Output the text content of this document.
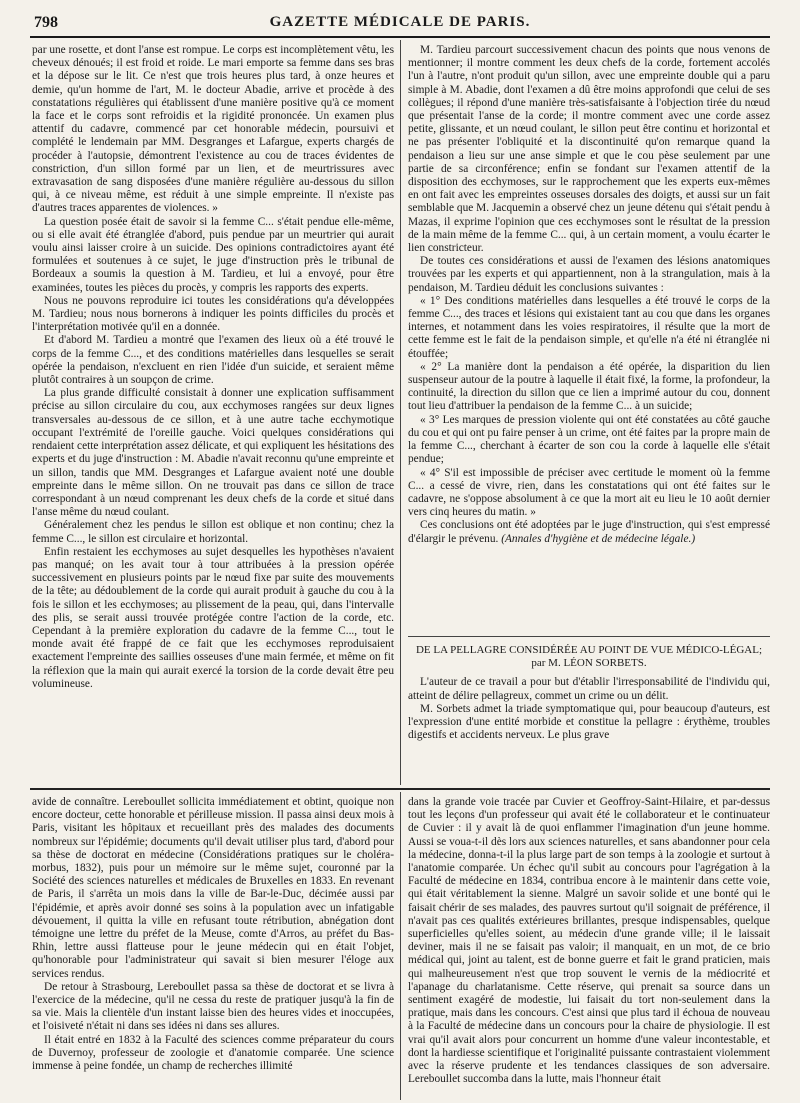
798	GAZETTE MÉDICALE DE PARIS.

par une rosette, et dont l'anse est rompue. Le corps est incomplètement vêtu, les cheveux dénoués; il est froid et roide. Le mari emporte sa femme dans ses bras et la dépose sur le lit. Ce n'est que trois heures plus tard, à onze heures et demie, qu'un homme de l'art, M. le docteur Abadie, arrive et procède à des constatations régulières qui établissent d'une manière positive qu'à ce moment la face et le corps sont refroidis et la rigidité prononcée. Un examen plus attentif du cadavre, commencé par cet honorable médecin, poursuivi et complété le lendemain par MM. Desgranges et Lafargue, experts chargés de procéder à l'autopsie, démontrent l'existence au cou de traces évidentes de constriction, d'un sillon formé par un lien, et de meurtrissures avec extravasation de sang disposées d'une manière régulière au-dessous du sillon qui, à ce niveau même, est réduit à une simple empreinte. Il n'existe pas d'autres traces apparentes de violences. »

La question posée était de savoir si la femme C... s'était pendue elle-même, ou si elle avait été étranglée d'abord, puis pendue par un meurtrier qui aurait voulu ainsi laisser croire à un suicide. Des opinions contradictoires ayant été formulées et soutenues à ce sujet, le juge d'instruction près le tribunal de Bordeaux a soumis la question à M. Tardieu, et lui a envoyé, pour être examinées, toutes les pièces du procès, y compris les rapports des experts.

Nous ne pouvons reproduire ici toutes les considérations qu'a développées M. Tardieu; nous nous bornerons à indiquer les points difficiles du procès et l'interprétation motivée qu'il en a donnée.

Et d'abord M. Tardieu a montré que l'examen des lieux où a été trouvé le corps de la femme C..., et des conditions matérielles dans lesquelles se serait opérée la pendaison, n'excluent en rien l'idée d'un suicide, et seraient même plutôt contraires à un soupçon de crime.

La plus grande difficulté consistait à donner une explication suffisamment précise au sillon circulaire du cou, aux ecchymoses rangées sur deux lignes transversales au-dessous de ce sillon, et à une autre tache ecchymotique occupant l'extrémité de l'oreille gauche. Voici quelques considérations qui rendaient cette interprétation assez délicate, et qui expliquent les hésitations des experts et du juge d'instruction : M. Abadie n'avait reconnu qu'une empreinte et un sillon, tandis que MM. Desgranges et Lafargue avaient noté une double empreinte dans le même sillon. On ne trouvait pas dans ce sillon de trace correspondant à un nœud comprenant les deux chefs de la corde et situé dans l'anse même du nœud coulant.

Généralement chez les pendus le sillon est oblique et non continu; chez la femme C..., le sillon est circulaire et horizontal.

Enfin restaient les ecchymoses au sujet desquelles les hypothèses n'avaient pas manqué; on les avait tour à tour attribuées à la pression opérée successivement en plusieurs points par le nœud fixe par suite des mouvements de la tête; au dédoublement de la corde qui aurait produit à gauche du cou à la fois le sillon et les ecchymoses; au plissement de la peau, qui, dans l'intervalle des plis, se serait aussi trouvée protégée contre l'action de la corde, etc. Cependant à la première exploration du cadavre de la femme C..., tout le monde avait été frappé de ce fait que les ecchymoses reproduisaient exactement l'empreinte des saillies osseuses d'une main fermée, et même on fit la réflexion que la main qui aurait exercé la torsion de la corde devait être peu volumineuse.

M. Tardieu parcourt successivement chacun des points que nous venons de mentionner; il montre comment les deux chefs de la corde, fortement accolés l'un à l'autre, n'ont produit qu'un sillon, avec une empreinte double qui a paru simple à M. Abadie, dont l'examen a dû être moins approfondi que celui de ses collègues; il répond d'une manière très-satisfaisante à l'objection tirée du nœud que présentait l'anse de la corde; il montre comment avec une corde assez petite, glissante, et un nœud coulant, le sillon peut être continu et horizontal et ne pas présenter l'obliquité et la discontinuité qu'on remarque quand la pendaison a lieu sur une anse simple et que le cou pèse seulement par une partie de sa circonférence; enfin se fondant sur l'examen attentif de la disposition des ecchymoses, sur le rapprochement que les experts eux-mêmes en ont fait avec les empreintes osseuses dorsales des doigts, et aussi sur un fait semblable que M. Jacquemin a observé chez un jeune détenu qui s'était pendu à Mazas, il exprime l'opinion que ces ecchymoses sont le résultat de la pression de la main même de la femme C... qui, à un certain moment, a voulu écarter le lien constricteur.

De toutes ces considérations et aussi de l'examen des lésions anatomiques trouvées par les experts et qui appartiennent, non à la strangulation, mais à la pendaison, M. Tardieu déduit les conclusions suivantes :

« 1° Des conditions matérielles dans lesquelles a été trouvé le corps de la femme C..., des traces et lésions qui existaient tant au cou que dans les organes internes, et notamment dans les voies respiratoires, il résulte que la mort de cette femme est le fait de la pendaison simple, et qu'elle n'a été ni étranglée ni étouffée;

« 2° La manière dont la pendaison a été opérée, la disparition du lien suspenseur autour de la poutre à laquelle il était fixé, la forme, la profondeur, la continuité, la direction du sillon que ce lien a imprimé autour du cou, donnent tout lieu d'attribuer la pendaison de la femme C... à un suicide;

« 3° Les marques de pression violente qui ont été constatées au côté gauche du cou et qui ont pu faire penser à un crime, ont été faites par la propre main de la femme C..., cherchant à écarter de son cou la corde à laquelle elle s'était pendue;

« 4° S'il est impossible de préciser avec certitude le moment où la femme C... a cessé de vivre, rien, dans les constatations qui ont été faites sur le cadavre, ne s'oppose absolument à ce que la mort ait eu lieu le 10 août dernier vers cinq heures du matin. »

Ces conclusions ont été adoptées par le juge d'instruction, qui s'est empressé d'élargir le prévenu. (Annales d'hygiène et de médecine légale.)

DE LA PELLAGRE CONSIDÉRÉE AU POINT DE VUE MÉDICO-LÉGAL;
par M. LÉON SORBETS.

L'auteur de ce travail a pour but d'établir l'irresponsabilité de l'individu qui, atteint de délire pellagreux, commet un crime ou un délit.

M. Sorbets admet la triade symptomatique qui, pour beaucoup d'auteurs, est l'expression d'une entité morbide et constitue la pellagre : érythème, troubles digestifs et accidents nerveux. Le plus grave

avide de connaître. Lereboullet sollicita immédiatement et obtint, quoique non encore docteur, cette honorable et périlleuse mission. Il passa ainsi deux mois à Paris, visitant les hôpitaux et recueillant près des malades des documents nombreux sur l'épidémie; documents qu'il devait utiliser plus tard, d'abord pour sa thèse de doctorat en médecine (Considérations pratiques sur le choléra-morbus, 1832), puis pour un mémoire sur le même sujet, couronné par la Société des sciences naturelles et médicales de Bruxelles en 1833. En revenant de Paris, il s'arrêta un mois dans la ville de Bar-le-Duc, décimée aussi par l'épidémie, et après avoir donné ses soins à la population avec un infatigable dévouement, il quitta la ville en refusant toute rétribution, abnégation dont témoigne une lettre du préfet de la Meuse, comte d'Arros, au préfet du Bas-Rhin, lettre aussi flatteuse pour le jeune médecin qui en était l'objet, qu'honorable pour l'administrateur qui savait si bien mesurer l'éloge aux services rendus.

De retour à Strasbourg, Lereboullet passa sa thèse de doctorat et se livra à l'exercice de la médecine, qu'il ne cessa du reste de pratiquer jusqu'à la fin de sa vie. Mais la clientèle d'un instant laisse bien des heures vides et inoccupées, et l'oisiveté n'était ni dans ses idées ni dans ses allures.

Il était entré en 1832 à la Faculté des sciences comme préparateur du cours de Duvernoy, professeur de zoologie et d'anatomie comparée. Une science immense à peine fondée, un champ de recherches illimité

dans la grande voie tracée par Cuvier et Geoffroy-Saint-Hilaire, et par-dessus tout les leçons d'un professeur qui avait été le collaborateur et le continuateur de Cuvier : il y avait là de quoi enflammer l'imagination d'un jeune homme. Aussi se voua-t-il dès lors aux sciences naturelles, et sans abandonner pour cela la médecine, donna-t-il la plus large part de son temps à la zoologie et surtout à l'anatomie comparée. Un échec qu'il subit au concours pour l'agrégation à la Faculté de médecine en 1834, contribua encore à le maintenir dans cette voie, qui était véritablement la sienne. Malgré un savoir solide et une bonté qui le faisait chérir de ses malades, des pauvres surtout qu'il soignait de préférence, il n'avait pas ces qualités extérieures brillantes, presque indispensables, quelque superficielles qu'elles soient, au médecin d'une grande ville; il le laissait deviner, mais il ne se faisait pas valoir; il manquait, en un mot, de ce brio médical qui, joint au talent, est de bonne guerre et fait le grand praticien, mais qui malheureusement n'est que trop souvent le vernis de la médiocrité et l'apanage du charlatanisme. Cette réserve, qui prenait sa source dans un sentiment exagéré de modestie, lui faisait du tort non-seulement dans la pratique, mais dans les concours. C'est ainsi que plus tard il échoua de nouveau à la Faculté de médecine dans un concours pour la chaire de physiologie. Il est vrai qu'il avait alors pour concurrent un homme d'une valeur incontestable, et dont la hardiesse scientifique et l'originalité puissante contrastaient violemment avec la réserve prudente et les tendances classiques de son adversaire. Lereboullet succomba dans la lutte, mais l'honneur était
